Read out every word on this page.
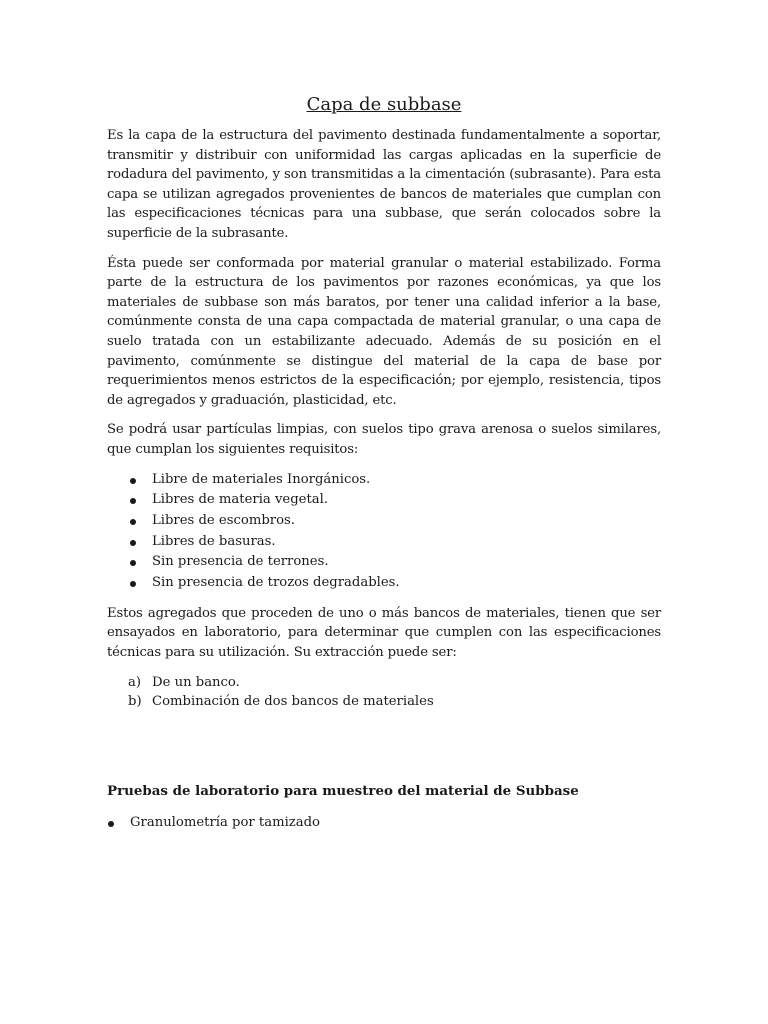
Capa de subbase

Es la capa de la estructura del pavimento destinada fundamentalmente a soportar, transmitir y distribuir con uniformidad las cargas aplicadas en la superficie de rodadura del pavimento, y son transmitidas a la cimentación (subrasante). Para esta capa se utilizan agregados provenientes de bancos de materiales que cumplan con las especificaciones técnicas para una subbase, que serán colocados sobre la superficie de la subrasante.

Ésta puede ser conformada por material granular o material estabilizado. Forma parte de la estructura de los pavimentos por razones económicas, ya que los materiales de subbase son más baratos, por tener una calidad inferior a la base, comúnmente consta de una capa compactada de material granular, o una capa de suelo tratada con un estabilizante adecuado. Además de su posición en el pavimento, comúnmente se distingue del material de la capa de base por requerimientos menos estrictos de la especificación; por ejemplo, resistencia, tipos de agregados y graduación, plasticidad, etc.

Se podrá usar partículas limpias, con suelos tipo grava arenosa o suelos similares, que cumplan los siguientes requisitos:

Libre de materiales Inorgánicos.
Libres de materia vegetal.
Libres de escombros.
Libres de basuras.
Sin presencia de terrones.
Sin presencia de trozos degradables.

Estos agregados que proceden de uno o más bancos de materiales, tienen que ser ensayados en laboratorio, para determinar que cumplen con las especificaciones técnicas para su utilización. Su extracción puede ser:

a) De un banco.
b) Combinación de dos bancos de materiales
Pruebas de laboratorio para muestreo del material de Subbase
Granulometría por tamizado
